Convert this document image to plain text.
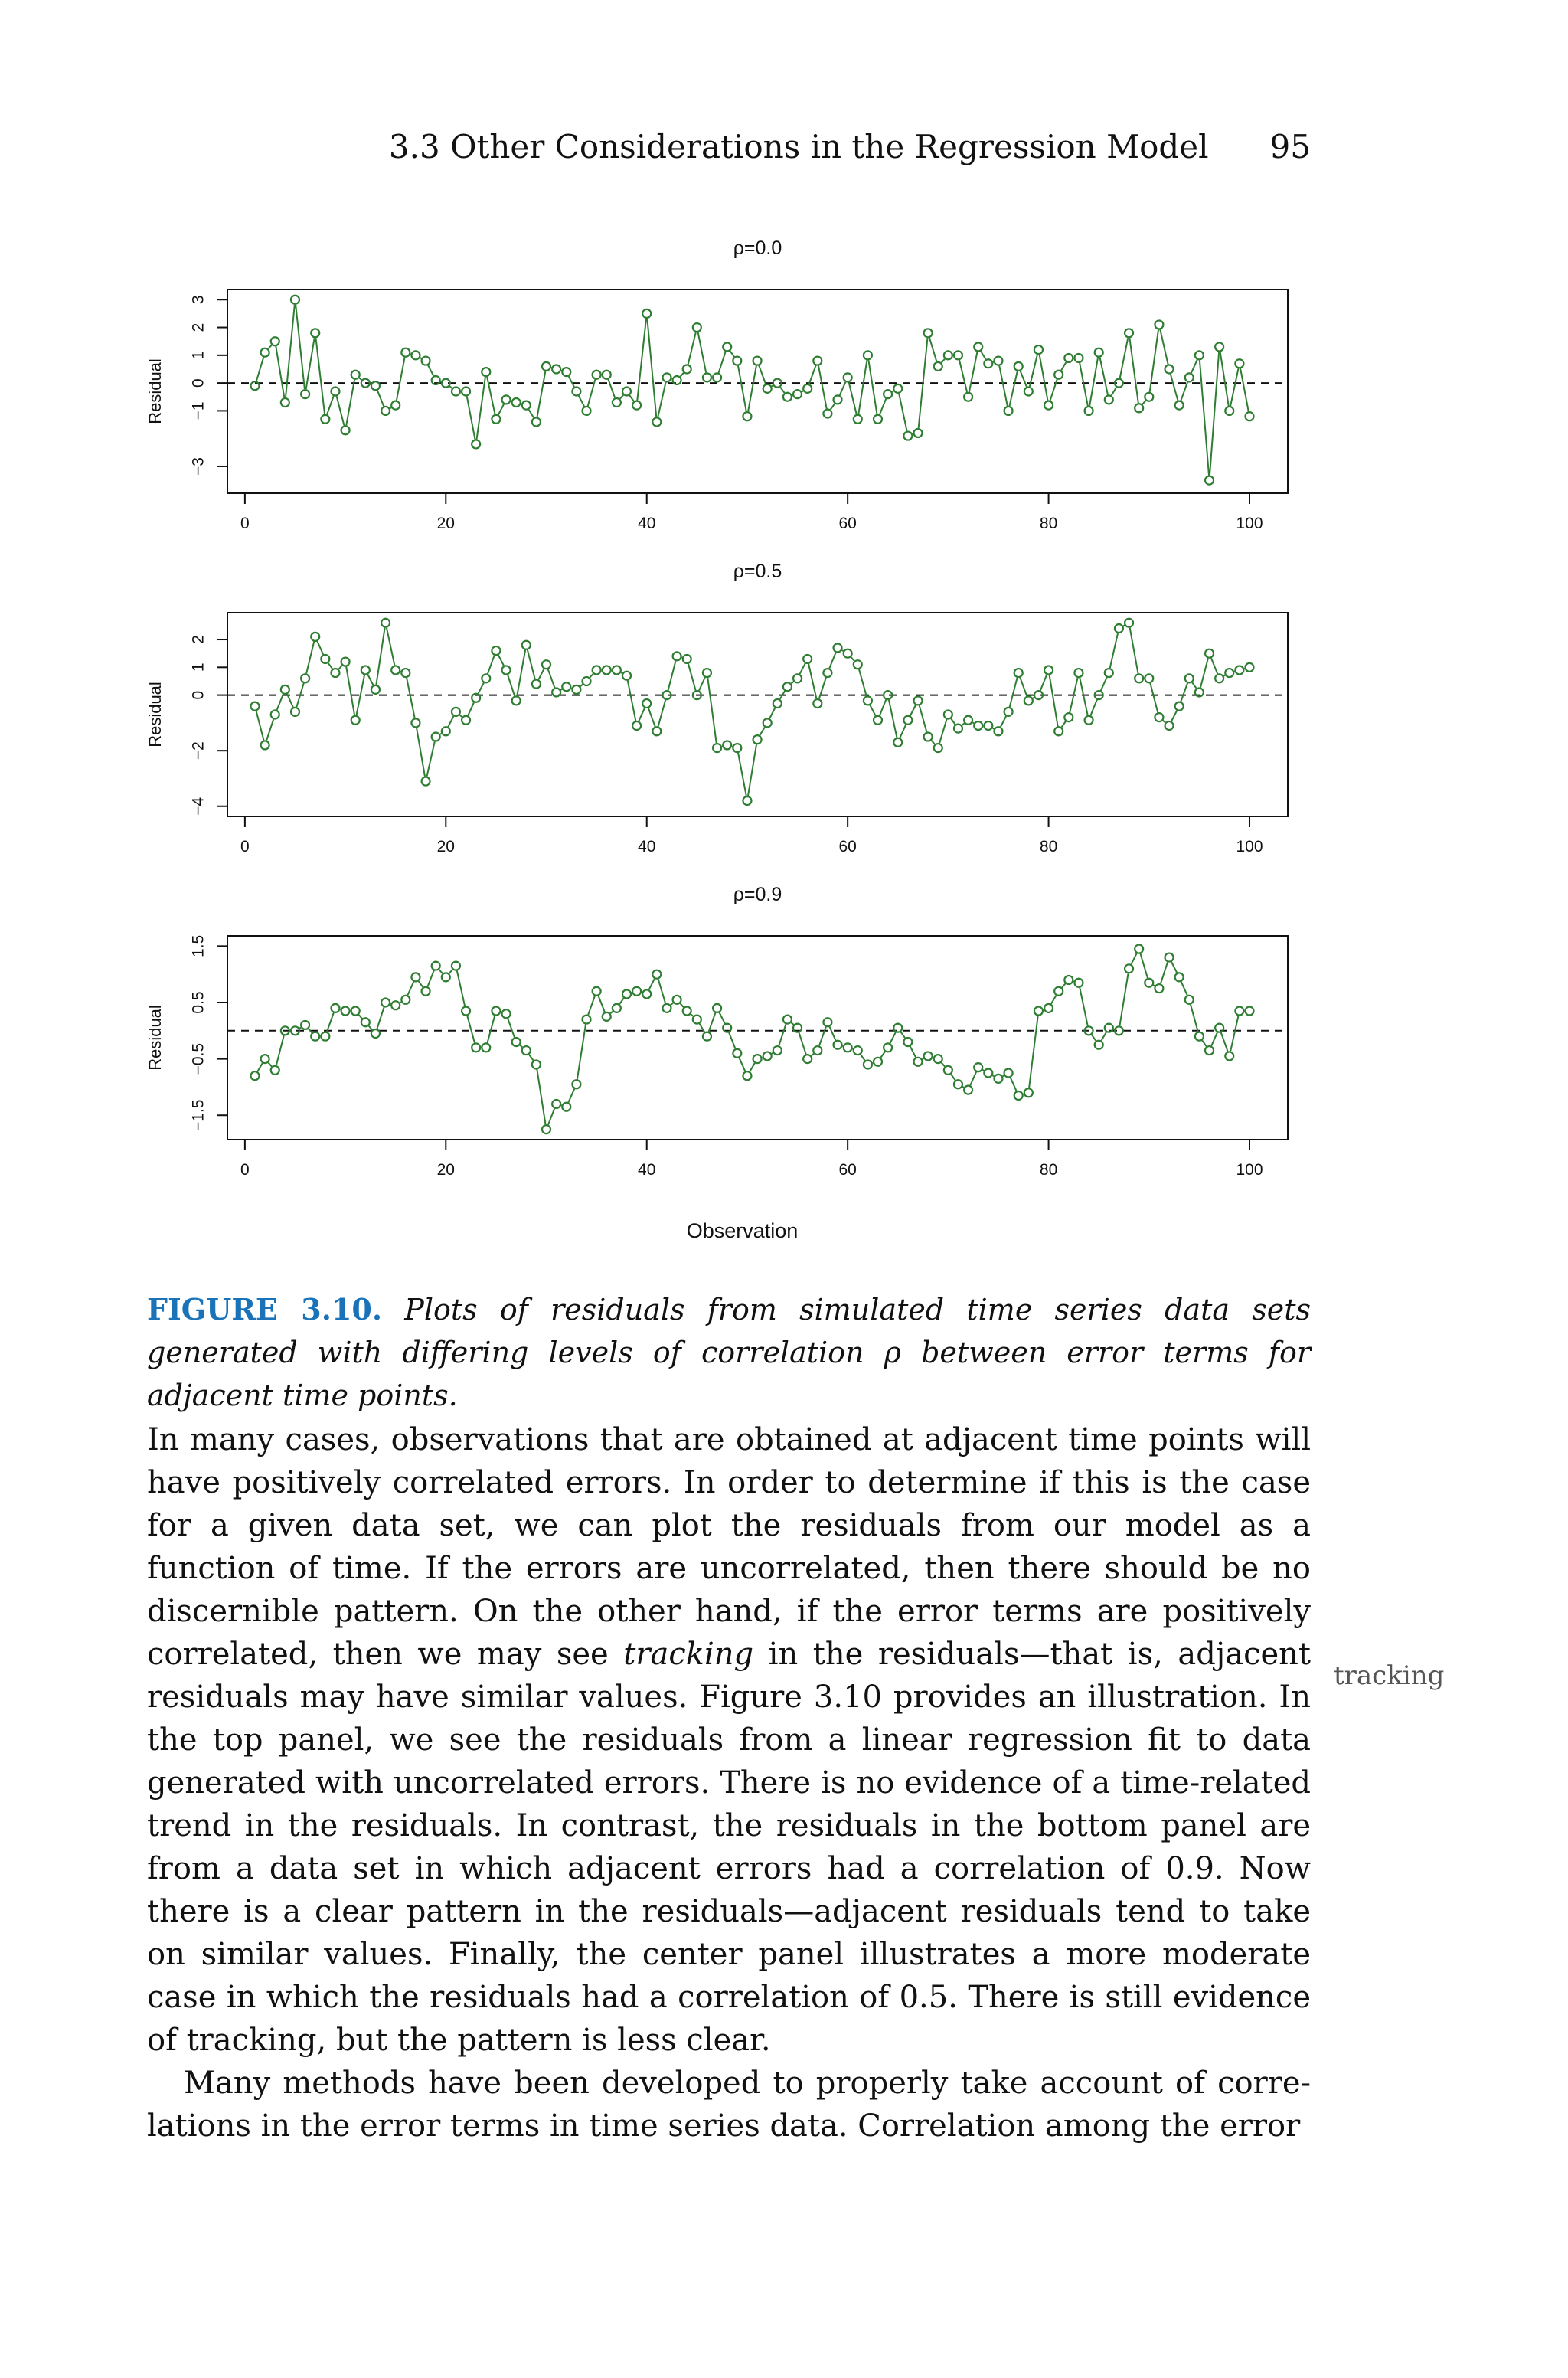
3.3 Other Considerations in the Regression Model 95
ρ=0.0
Residual
−3
−1
0
1
2
3
0	20	40	60	80	100
ρ=0.5
Residual
−4
−2
0
1
2
0	20	40	60	80	100
ρ=0.9
Residual
−1.5
−0.5
0.5
1.5
0	20	40	60	80	100
Observation

FIGURE 3.10. Plots of residuals from simulated time series data sets generated with differing levels of correlation ρ between error terms for adjacent time points.

In many cases, observations that are obtained at adjacent time points will have positively correlated errors. In order to determine if this is the case for a given data set, we can plot the residuals from our model as a function of time. If the errors are uncorrelated, then there should be no discernible pattern. On the other hand, if the error terms are positively correlated, then we may see tracking in the residuals—that is, adjacent residuals may have similar values. Figure 3.10 provides an illustration. In the top panel, we see the residuals from a linear regression fit to data generated with uncorrelated errors. There is no evidence of a time-related trend in the residuals. In contrast, the residuals in the bottom panel are from a data set in which adjacent errors had a correlation of 0.9. Now there is a clear pattern in the residuals—adjacent residuals tend to take on similar values. Finally, the center panel illustrates a more moderate case in which the residuals had a correlation of 0.5. There is still evidence of tracking, but the pattern is less clear.

Many methods have been developed to properly take account of correlations in the error terms in time series data. Correlation among the error

tracking
